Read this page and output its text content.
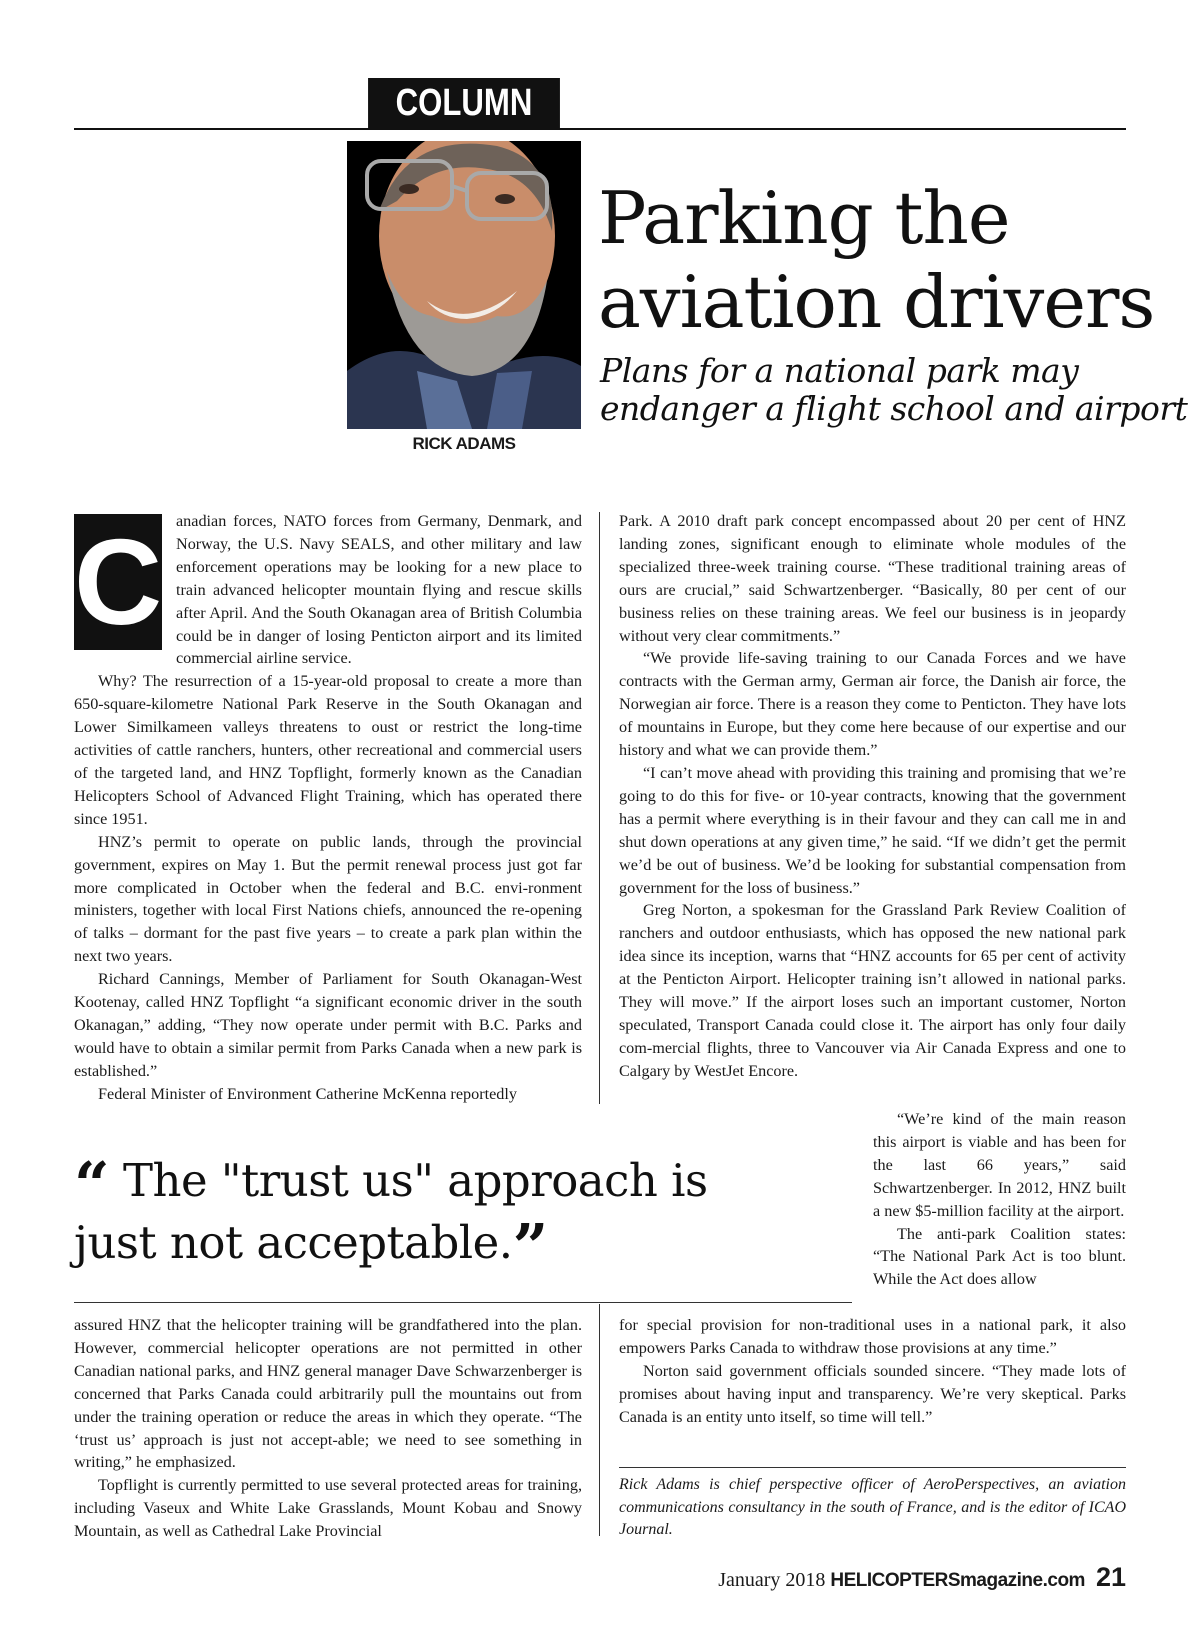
COLUMN
RICK ADAMS
Parking the
aviation drivers
Plans for a national park may
endanger a flight school and airport
C anadian forces, NATO forces from Germany, Denmark, and Norway, the U.S. Navy SEALS, and other military and law enforcement operations may be looking for a new place to train advanced helicopter mountain flying and rescue skills after April. And the South Okanagan area of British Columbia could be in danger of losing Penticton airport and its limited commercial airline service.

Why? The resurrection of a 15-year-old proposal to create a more than 650-square-kilometre National Park Reserve in the South Okanagan and Lower Similkameen valleys threatens to oust or restrict the long-time activities of cattle ranchers, hunters, other recreational and commercial users of the targeted land, and HNZ Topflight, formerly known as the Canadian Helicopters School of Advanced Flight Training, which has operated there since 1951.

HNZ’s permit to operate on public lands, through the provincial government, expires on May 1. But the permit renewal process just got far more complicated in October when the federal and B.C. envi-ronment ministers, together with local First Nations chiefs, announced the re-opening of talks – dormant for the past five years – to create a park plan within the next two years.

Richard Cannings, Member of Parliament for South Okanagan-West Kootenay, called HNZ Topflight “a significant economic driver in the south Okanagan,” adding, “They now operate under permit with B.C. Parks and would have to obtain a similar permit from Parks Canada when a new park is established.”

Federal Minister of Environment Catherine McKenna reportedly

Park. A 2010 draft park concept encompassed about 20 per cent of HNZ landing zones, significant enough to eliminate whole modules of the specialized three-week training course. “These traditional training areas of ours are crucial,” said Schwartzenberger. “Basically, 80 per cent of our business relies on these training areas. We feel our business is in jeopardy without very clear commitments.”

“We provide life-saving training to our Canada Forces and we have contracts with the German army, German air force, the Danish air force, the Norwegian air force. There is a reason they come to Penticton. They have lots of mountains in Europe, but they come here because of our expertise and our history and what we can provide them.”

“I can’t move ahead with providing this training and promising that we’re going to do this for five- or 10-year contracts, knowing that the government has a permit where everything is in their favour and they can call me in and shut down operations at any given time,” he said. “If we didn’t get the permit we’d be out of business. We’d be looking for substantial compensation from government for the loss of business.”

Greg Norton, a spokesman for the Grassland Park Review Coalition of ranchers and outdoor enthusiasts, which has opposed the new national park idea since its inception, warns that “HNZ accounts for 65 per cent of activity at the Penticton Airport. Helicopter training isn’t allowed in national parks. They will move.” If the airport loses such an important customer, Norton speculated, Transport Canada could close it. The airport has only four daily com-mercial flights, three to Vancouver via Air Canada Express and one to Calgary by WestJet Encore.

“We’re kind of the main reason this airport is viable and has been for the last 66 years,” said Schwartzenberger. In 2012, HNZ built a new $5-million facility at the airport.

The anti-park Coalition states: “The National Park Act is too blunt. While the Act does allow

“ The "trust us" approach is just not acceptable.”

assured HNZ that the helicopter training will be grandfathered into the plan. However, commercial helicopter operations are not permitted in other Canadian national parks, and HNZ general manager Dave Schwarzenberger is concerned that Parks Canada could arbitrarily pull the mountains out from under the training operation or reduce the areas in which they operate. “The ‘trust us’ approach is just not accept-able; we need to see something in writing,” he emphasized.

Topflight is currently permitted to use several protected areas for training, including Vaseux and White Lake Grasslands, Mount Kobau and Snowy Mountain, as well as Cathedral Lake Provincial

for special provision for non-traditional uses in a national park, it also empowers Parks Canada to withdraw those provisions at any time.”

Norton said government officials sounded sincere. “They made lots of promises about having input and transparency. We’re very skeptical. Parks Canada is an entity unto itself, so time will tell.”

Rick Adams is chief perspective officer of AeroPerspectives, an aviation communications consultancy in the south of France, and is the editor of ICAO Journal.
January 2018 HELICOPTERSmagazine.com 21
